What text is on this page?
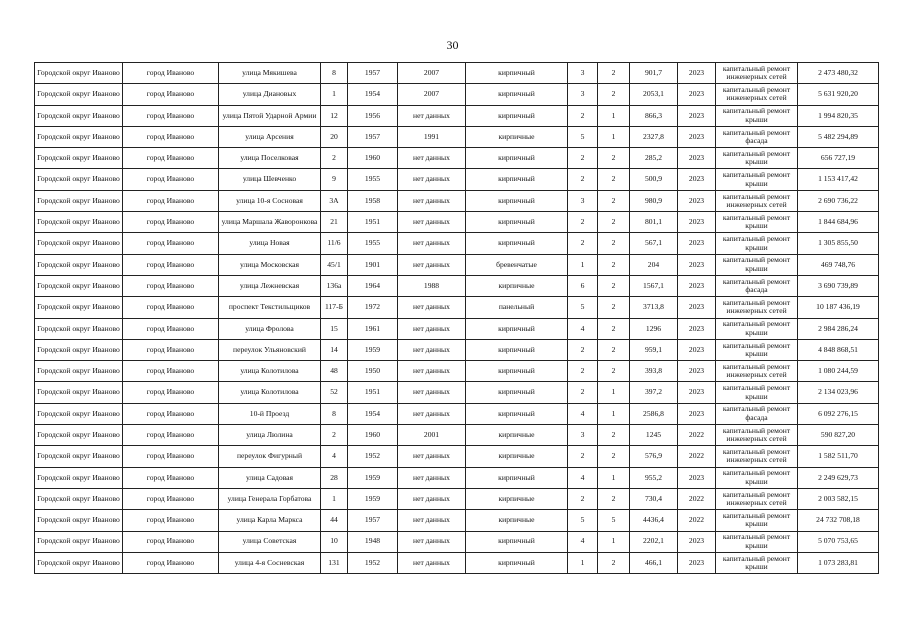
30
Городской округ Иваново	город Иваново	улица Мякишева	8	1957	2007	кирпичный	3	2	901,7	2023	капитальный ремонт инженерных сетей	2 473 480,32
Городской округ Иваново	город Иваново	улица Диановых	1	1954	2007	кирпичный	3	2	2053,1	2023	капитальный ремонт инженерных сетей	5 631 920,20
Городской округ Иваново	город Иваново	улица Пятой Ударной Армии	12	1956	нет данных	кирпичный	2	1	866,3	2023	капитальный ремонт крыши	1 994 820,35
Городской округ Иваново	город Иваново	улица Арсения	20	1957	1991	кирпичные	5	1	2327,8	2023	капитальный ремонт фасада	5 482 294,89
Городской округ Иваново	город Иваново	улица Поселковая	2	1960	нет данных	кирпичный	2	2	285,2	2023	капитальный ремонт крыши	656 727,19
Городской округ Иваново	город Иваново	улица Шевченко	9	1955	нет данных	кирпичный	2	2	500,9	2023	капитальный ремонт крыши	1 153 417,42
Городской округ Иваново	город Иваново	улица 10-я Сосновая	3А	1958	нет данных	кирпичный	3	2	980,9	2023	капитальный ремонт инженерных сетей	2 690 736,22
Городской округ Иваново	город Иваново	улица Маршала Жаворонкова	21	1951	нет данных	кирпичный	2	2	801,1	2023	капитальный ремонт крыши	1 844 684,96
Городской округ Иваново	город Иваново	улица Новая	11/6	1955	нет данных	кирпичный	2	2	567,1	2023	капитальный ремонт крыши	1 305 855,50
Городской округ Иваново	город Иваново	улица Московская	45/1	1901	нет данных	бревенчатые	1	2	204	2023	капитальный ремонт крыши	469 748,76
Городской округ Иваново	город Иваново	улица Лежневская	136а	1964	1988	кирпичные	6	2	1567,1	2023	капитальный ремонт фасада	3 690 739,89
Городской округ Иваново	город Иваново	проспект Текстильщиков	117-Б	1972	нет данных	панельный	5	2	3713,8	2023	капитальный ремонт инженерных сетей	10 187 436,19
Городской округ Иваново	город Иваново	улица Фролова	15	1961	нет данных	кирпичный	4	2	1296	2023	капитальный ремонт крыши	2 984 286,24
Городской округ Иваново	город Иваново	переулок Ульяновский	14	1959	нет данных	кирпичный	2	2	959,1	2023	капитальный ремонт крыши	4 848 868,51
Городской округ Иваново	город Иваново	улица Колотилова	48	1950	нет данных	кирпичный	2	2	393,8	2023	капитальный ремонт инженерных сетей	1 080 244,59
Городской округ Иваново	город Иваново	улица Колотилова	52	1951	нет данных	кирпичный	2	1	397,2	2023	капитальный ремонт крыши	2 134 023,96
Городской округ Иваново	город Иваново	10-й Проезд	8	1954	нет данных	кирпичный	4	1	2586,8	2023	капитальный ремонт фасада	6 092 276,15
Городской округ Иваново	город Иваново	улица Люлина	2	1960	2001	кирпичные	3	2	1245	2022	капитальный ремонт инженерных сетей	590 827,20
Городской округ Иваново	город Иваново	переулок Фигурный	4	1952	нет данных	кирпичные	2	2	576,9	2022	капитальный ремонт инженерных сетей	1 582 511,70
Городской округ Иваново	город Иваново	улица Садовая	28	1959	нет данных	кирпичный	4	1	955,2	2023	капитальный ремонт крыши	2 249 629,73
Городской округ Иваново	город Иваново	улица Генерала Горбатова	1	1959	нет данных	кирпичные	2	2	730,4	2022	капитальный ремонт инженерных сетей	2 003 582,15
Городской округ Иваново	город Иваново	улица Карла Маркса	44	1957	нет данных	кирпичные	5	5	4436,4	2022	капитальный ремонт крыши	24 732 708,18
Городской округ Иваново	город Иваново	улица Советская	10	1948	нет данных	кирпичный	4	1	2202,1	2023	капитальный ремонт крыши	5 070 753,65
Городской округ Иваново	город Иваново	улица 4-я Сосневская	131	1952	нет данных	кирпичный	1	2	466,1	2023	капитальный ремонт крыши	1 073 283,81
